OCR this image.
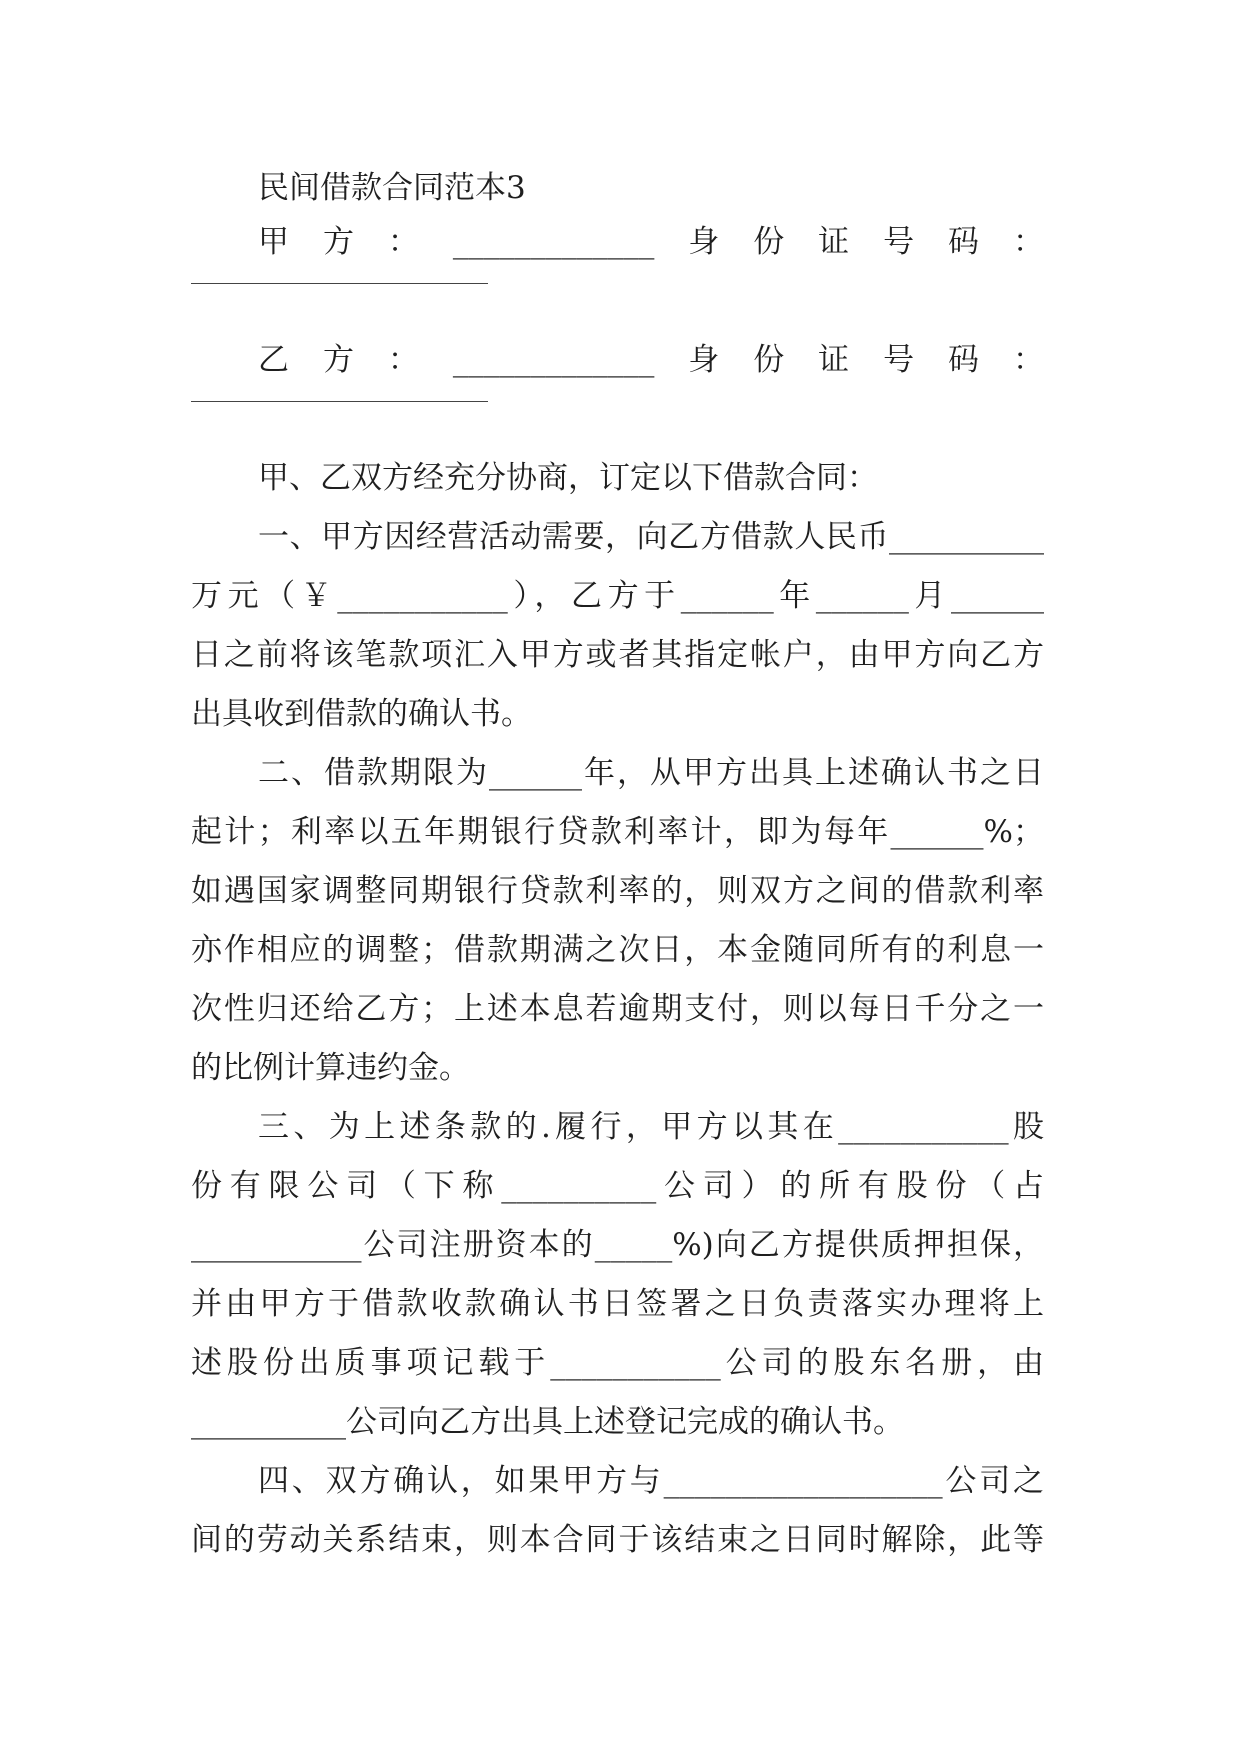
民间借款合同范本3
甲方：_____________身份证号码：
乙方：_____________身份证号码：
甲、乙双方经充分协商，订定以下借款合同：
一、甲方因经营活动需要，向乙方借款人民币__________
万元（￥___________），乙方于______年______月______
日之前将该笔款项汇入甲方或者其指定帐户，由甲方向乙方
出具收到借款的确认书。
二、借款期限为______年，从甲方出具上述确认书之日
起计；利率以五年期银行贷款利率计，即为每年______%；
如遇国家调整同期银行贷款利率的，则双方之间的借款利率
亦作相应的调整；借款期满之次日，本金随同所有的利息一
次性归还给乙方；上述本息若逾期支付，则以每日千分之一
的比例计算违约金。
三、为上述条款的.履行，甲方以其在___________股
份有限公司（下称__________公司）的所有股份（占
___________公司注册资本的_____%)向乙方提供质押担保，
并由甲方于借款收款确认书日签署之日负责落实办理将上
述股份出质事项记载于___________公司的股东名册，由
__________公司向乙方出具上述登记完成的确认书。
四、双方确认，如果甲方与__________________公司之
间的劳动关系结束，则本合同于该结束之日同时解除，此等
